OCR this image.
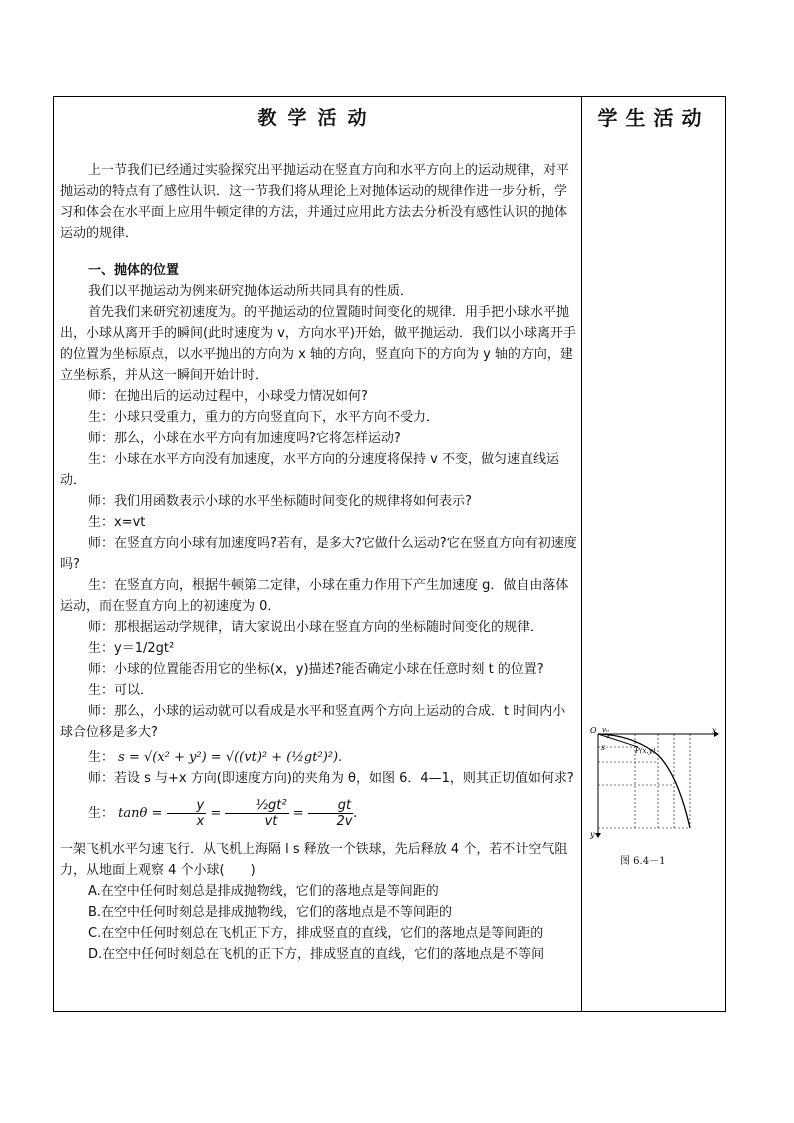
教学活动	学生活动

上一节我们已经通过实验探究出平抛运动在竖直方向和水平方向上的运动规律，对平抛运动的特点有了感性认识．这一节我们将从理论上对抛体运动的规律作进一步分析，学习和体会在水平面上应用牛顿定律的方法，并通过应用此方法去分析没有感性认识的抛体运动的规律．

一、抛体的位置

我们以平抛运动为例来研究抛体运动所共同具有的性质．

首先我们来研究初速度为。的平抛运动的位置随时间变化的规律．用手把小球水平抛出，小球从离开手的瞬间(此时速度为 v，方向水平)开始，做平抛运动．我们以小球离开手的位置为坐标原点，以水平抛出的方向为 x 轴的方向，竖直向下的方向为 y 轴的方向，建立坐标系，并从这一瞬间开始计时．

师：在抛出后的运动过程中，小球受力情况如何?

生：小球只受重力，重力的方向竖直向下，水平方向不受力．

师：那么，小球在水平方向有加速度吗?它将怎样运动?

生：小球在水平方向没有加速度，水平方向的分速度将保持 v 不变，做匀速直线运动．

师：我们用函数表示小球的水平坐标随时间变化的规律将如何表示?

生：x=vt

师：在竖直方向小球有加速度吗?若有，是多大?它做什么运动?它在竖直方向有初速度吗?

生：在竖直方向，根据牛顿第二定律，小球在重力作用下产生加速度 g．做自由落体运动，而在竖直方向上的初速度为 0．

师：那根据运动学规律，请大家说出小球在竖直方向的坐标随时间变化的规律．

生：y＝1/2gt²

师：小球的位置能否用它的坐标(x，y)描述?能否确定小球在任意时刻 t 的位置?

生：可以．

师：那么，小球的运动就可以看成是水平和竖直两个方向上运动的合成．t 时间内小球合位移是多大?

生： s = √(x² + y²) = √((vt)² + (½gt²)²).

师：若设 s 与+x 方向(即速度方向)的夹角为 θ，如图 6．4—1，则其正切值如何求?

生： $\tan\theta = \frac{y}{x} = \frac{\text{½gt²}}{vt} = \frac{gt}{2v}$ .

一架飞机水平匀速飞行．从飞机上海隔 l s 释放一个铁球，先后释放 4 个，若不计空气阻力，从地面上观察 4 个小球(　　)

A.在空中任何时刻总是排成抛物线，它们的落地点是等间距的

B.在空中任何时刻总是排成抛物线，它们的落地点是不等间距的

C.在空中任何时刻总在飞机正下方，排成竖直的直线，它们的落地点是等间距的

D.在空中任何时刻总在飞机的正下方，排成竖直的直线，它们的落地点是不等间

O v₀
s	P(x,y)
x
y
图 6.4－1
